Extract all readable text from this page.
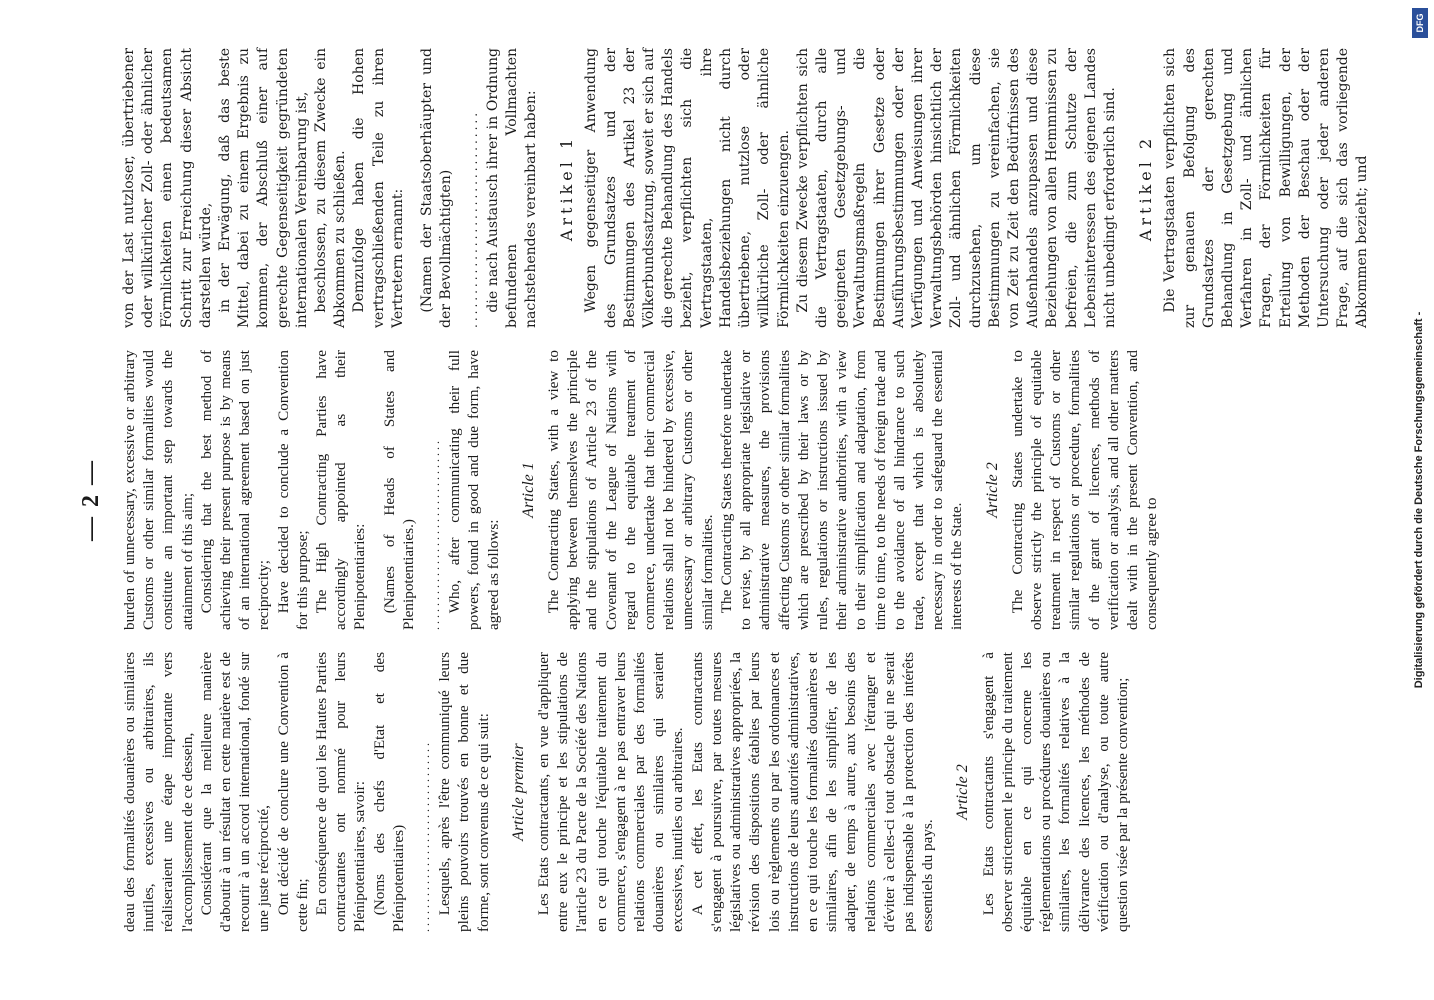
— 2 —

deau des formalités douanières ou similaires inutiles, excessives ou arbitraires, ils réaliseraient une étape importante vers l'accomplissement de ce dessein, Considérant que la meilleure manière d'aboutir à un résultat en cette matière est de recourir à un accord international, fondé sur une juste réciprocité, Ont décidé de conclure une Convention à cette fin; En conséquence de quoi les Hautes Parties contractantes ont nommé pour leurs Plénipotentiaires, savoir: (Noms des chefs d'Etat et des Plénipotentiaires) ................................ Lesquels, après l'être communiqué leurs pleins pouvoirs trouvés en bonne et due forme, sont convenus de ce qui suit: Article premier Les Etats contractants, en vue d'appliquer entre eux le principe et les stipulations de l'article 23 du Pacte de la Société des Nations en ce qui touche l'équitable traitement du commerce, s'engagent à ne pas entraver leurs relations commerciales par des formalités douanières ou similaires qui seraient excessives, inutiles ou arbitraires. A cet effet, les Etats contractants s'engagent à poursuivre, par toutes mesures législatives ou administratives appropriées, la révision des dispositions établies par leurs lois ou règlements ou par les ordonnances et instructions de leurs autorités administratives, en ce qui touche les formalités douanières et similaires, afin de les simplifier, de les adapter, de temps à autre, aux besoins des relations commerciales avec l'étranger et d'éviter à celles-ci tout obstacle qui ne serait pas indispensable à la protection des intérêts essentiels du pays.

Article 2 Les Etats contractants s'engagent à observer strictement le principe du traitement équitable en ce qui concerne les réglementations ou procédures douanières ou similaires, les formalités relatives à la délivrance des licences, les méthodes de vérification ou d'analyse, ou toute autre question visée par la présente convention;

burden of unnecessary, excessive or arbitrary Customs or other similar formalities would constitute an important step towards the attainment of this aim; Considering that the best method of achieving their present purpose is by means of an international agreement based on just reciprocity; Have decided to conclude a Convention for this purpose; The High Contracting Parties have accordingly appointed as their Plenipotentiaries: (Names of Heads of States and Plenipotentiaries.) ................................ Who, after communicating their full powers, found in good and due form, have agreed as follows:

Article 1 The Contracting States, with a view to applying between themselves the principle and the stipulations of Article 23 of the Covenant of the League of Nations with regard to the equitable treatment of commerce, undertake that their commercial relations shall not be hindered by excessive, unnecessary or arbitrary Customs or other similar formalities. The Contracting States therefore undertake to revise, by all appropriate legislative or administrative measures, the provisions affecting Customs or other similar formalities which are prescribed by their laws or by rules, regulations or instructions issued by their administrative authorities, with a view to their simplification and adaptation, from time to time, to the needs of foreign trade and to the avoidance of all hindrance to such trade, except that which is absolutely necessary in order to safeguard the essential interests of the State.

Article 2 The Contracting States undertake to observe strictly the principle of equitable treatment in respect of Customs or other similar regulations or procedure, formalities of the grant of licences, methods of verification or analysis, and all other matters dealt with in the present Convention, and consequently agree to

von der Last nutzloser, übertriebener oder willkürlicher Zoll- oder ähnlicher Förmlichkeiten einen bedeutsamen Schritt zur Erreichung dieser Absicht darstellen würde, in der Erwägung, daß das beste Mittel, dabei zu einem Ergebnis zu kommen, der Abschluß einer auf gerechte Gegenseitigkeit gegründeten internationalen Vereinbarung ist, beschlossen, zu diesem Zwecke ein Abkommen zu schließen. Demzufolge haben die Hohen vertragschließenden Teile zu ihren Vertretern ernannt: (Namen der Staatsoberhäupter und der Bevollmächtigten) ................................ die nach Austausch ihrer in Ordnung befundenen Vollmachten nachstehendes vereinbart haben: Artikel 1 Wegen gegenseitiger Anwendung des Grundsatzes und der Bestimmungen des Artikel 23 der Völkerbundssatzung, soweit er sich auf die gerechte Behandlung des Handels bezieht, verpflichten sich die Vertragstaaten, ihre Handelsbeziehungen nicht durch übertriebene, nutzlose oder willkürliche Zoll- oder ähnliche Förmlichkeiten einzuengen. Zu diesem Zwecke verpflichten sich die Vertragstaaten, durch alle geeigneten Gesetzgebungs- und Verwaltungsmaßregeln die Bestimmungen ihrer Gesetze oder Ausführungsbestimmungen oder der Verfügungen und Anweisungen ihrer Verwaltungsbehörden hinsichtlich der Zoll- und ähnlichen Förmlichkeiten durchzusehen, um diese Bestimmungen zu vereinfachen, sie von Zeit zu Zeit den Bedürfnissen des Außenhandels anzupassen und diese Beziehungen von allen Hemmnissen zu befreien, die zum Schutze der Lebensinteressen des eigenen Landes nicht unbedingt erforderlich sind. Artikel 2 Die Vertragstaaten verpflichten sich zur genauen Befolgung des Grundsatzes der gerechten Behandlung in Gesetzgebung und Verfahren in Zoll- und ähnlichen Fragen, der Förmlichkeiten für Erteilung von Bewilligungen, der Methoden der Beschau oder der Untersuchung oder jeder anderen Frage, auf die sich das vorliegende Abkommen bezieht; und

Digitalisierung gefördert durch die Deutsche Forschungsgemeinschaft -
DFG
